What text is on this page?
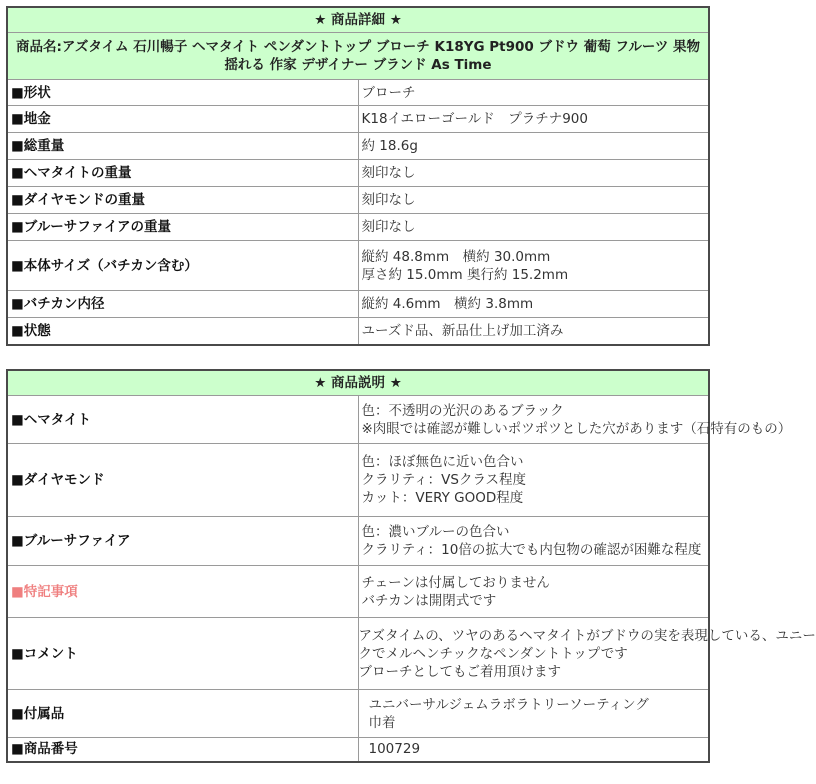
★ 商品詳細 ★	
商品名:アズタイム 石川暢子 ヘマタイト ペンダントトップ ブローチ K18YG Pt900 ブドウ 葡萄 フルーツ 果物 揺れる 作家 デザイナー ブランド As Time	
■形状	ブローチ

■地金	K18イエローゴールド　プラチナ900

■総重量	約 18.6g

■ヘマタイトの重量	刻印なし

■ダイヤモンドの重量	刻印なし

■ブルーサファイアの重量	刻印なし

■本体サイズ（バチカン含む）	縦約 48.8mm　横約 30.0mm
厚さ約 15.0mm 奥行約 15.2mm

■バチカン内径	縦約 4.6mm　横約 3.8mm

■状態	ユーズド品、新品仕上げ加工済み
★ 商品説明 ★	
■ヘマタイト	色：不透明の光沢のあるブラック
※肉眼では確認が難しいポツポツとした穴があります（石特有のもの）

■ダイヤモンド	色：ほぼ無色に近い色合い
クラリティ：VSクラス程度
カット：VERY GOOD程度

■ブルーサファイア	色：濃いブルーの色合い
クラリティ：10倍の拡大でも内包物の確認が困難な程度

■特記事項	チェーンは付属しておりません
バチカンは開閉式です

■コメント	アズタイムの、ツヤのあるヘマタイトがブドウの実を表現している、ユニー
クでメルヘンチックなペンダントトップです
ブローチとしてもご着用頂けます

■付属品	ユニバーサルジェムラボラトリーソーティング
巾着

■商品番号	100729
